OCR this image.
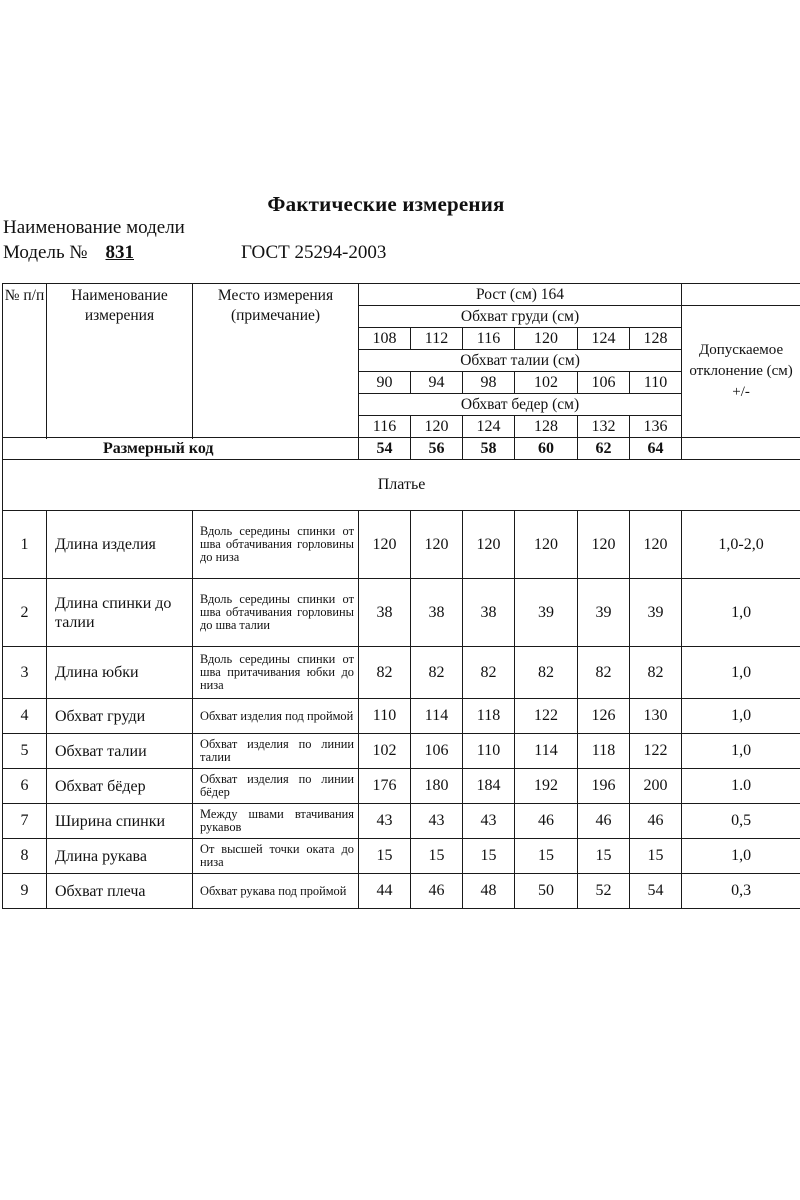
Фактические измерения
Наименование модели
Модель № 831	ГОСТ 25294-2003
№ п/п	Наименование измерения	Место измерения (примечание)	Рост (см) 164						
			Обхват груди (см)						Допускаемое отклонение (см) +/-
			108	112	116	120	124	128	
			Обхват талии (см)						
			90	94	98	102	106	110	
			Обхват бедер (см)						
			116	120	124	128	132	136	

Размерный код			54	56	58	60	62	64	
Платье									
1	Длина изделия	Вдоль середины спинки от шва обтачивания горловины до низа	120	120	120	120	120	120	1,0-2,0
2	Длина спинки до талии	Вдоль середины спинки от шва обтачивания горловины до шва талии	38	38	38	39	39	39	1,0
3	Длина юбки	Вдоль середины спинки от шва притачивания юбки до низа	82	82	82	82	82	82	1,0
4	Обхват груди	Обхват изделия под проймой	110	114	118	122	126	130	1,0
5	Обхват талии	Обхват изделия по линии талии	102	106	110	114	118	122	1,0
6	Обхват бёдер	Обхват изделия по линии бёдер	176	180	184	192	196	200	1.0
7	Ширина спинки	Между швами втачивания рукавов	43	43	43	46	46	46	0,5
8	Длина рукава	От высшей точки оката до низа	15	15	15	15	15	15	1,0
9	Обхват плеча	Обхват рукава под проймой	44	46	48	50	52	54	0,3
